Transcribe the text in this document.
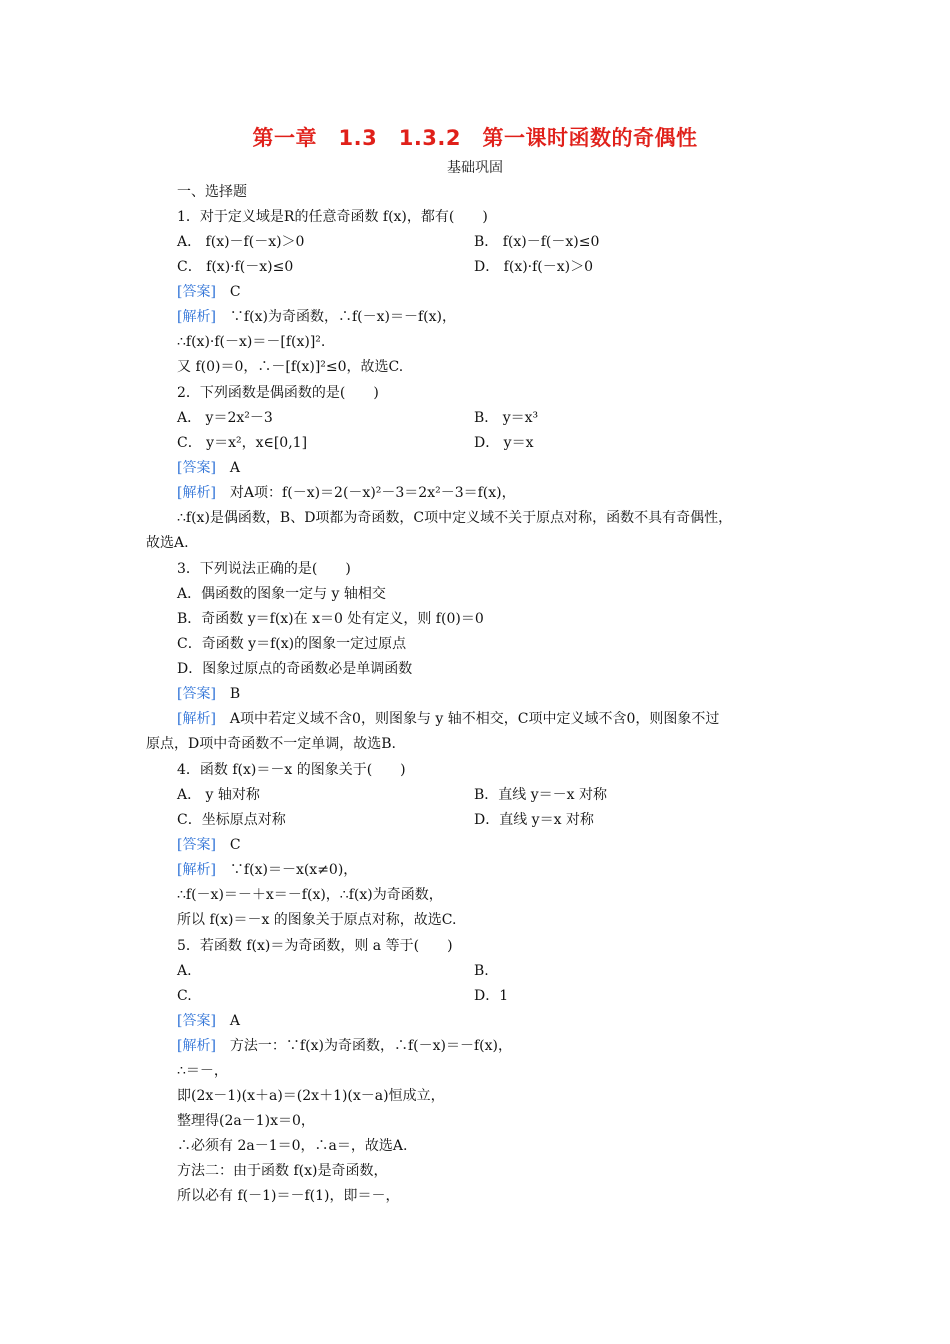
第一章　1.3　1.3.2　第一课时函数的奇偶性
基础巩固
一、选择题
1．对于定义域是R的任意奇函数 f(x)，都有(　　)
A． f(x)－f(－x)＞0	B． f(x)－f(－x)≤0
C． f(x)·f(－x)≤0	D． f(x)·f(－x)＞0
[答案]　C
[解析]　∵f(x)为奇函数，∴f(－x)＝－f(x)，
∴f(x)·f(－x)＝－[f(x)]².
又 f(0)＝0，∴－[f(x)]²≤0，故选C.
2．下列函数是偶函数的是(　　)
A． y＝2x²－3	B． y＝x³
C． y＝x²，x∈[0,1]	D． y＝x
[答案]　A
[解析]　对A项：f(－x)＝2(－x)²－3＝2x²－3＝f(x)，
∴f(x)是偶函数，B、D项都为奇函数，C项中定义域不关于原点对称，函数不具有奇偶性，
故选A.
3．下列说法正确的是(　　)
A．偶函数的图象一定与 y 轴相交
B．奇函数 y＝f(x)在 x＝0 处有定义，则 f(0)＝0
C．奇函数 y＝f(x)的图象一定过原点
D．图象过原点的奇函数必是单调函数
[答案]　B
[解析]　A项中若定义域不含0，则图象与 y 轴不相交，C项中定义域不含0，则图象不过
原点，D项中奇函数不一定单调，故选B.
4．函数 f(x)＝－x 的图象关于(　　)
A． y 轴对称	B．直线 y＝－x 对称
C．坐标原点对称	D．直线 y＝x 对称
[答案]　C
[解析]　∵f(x)＝－x(x≠0)，
∴f(－x)＝－＋x＝－f(x)，∴f(x)为奇函数，
所以 f(x)＝－x 的图象关于原点对称，故选C.
5．若函数 f(x)＝为奇函数，则 a 等于(　　)
A.	B.
C.	D．1
[答案]　A
[解析]　方法一：∵f(x)为奇函数，∴f(－x)＝－f(x)，
∴＝－，
即(2x－1)(x＋a)＝(2x＋1)(x－a)恒成立，
整理得(2a－1)x＝0，
∴必须有 2a－1＝0，∴a＝，故选A.
方法二：由于函数 f(x)是奇函数，
所以必有 f(－1)＝－f(1)，即＝－，
